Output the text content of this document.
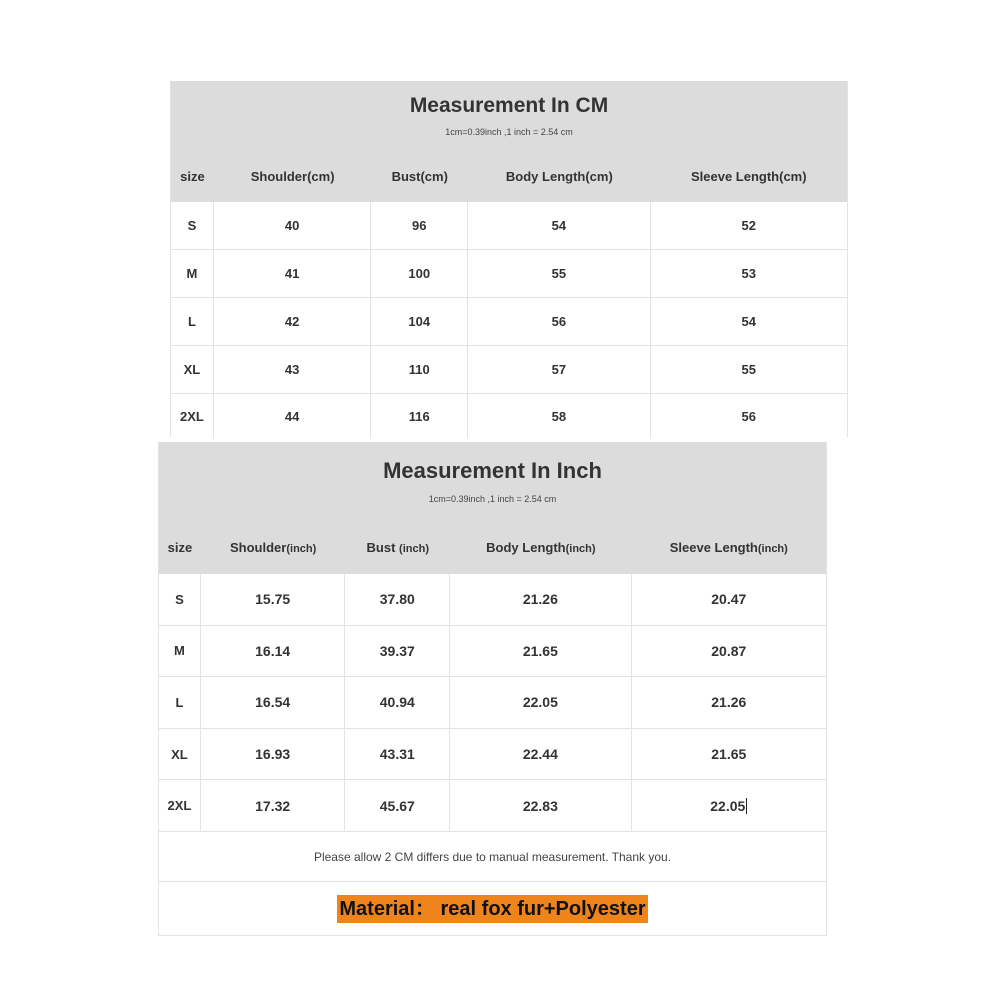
Measurement In CM
1cm=0.39inch ,1 inch = 2.54 cm
size	Shoulder(cm)	Bust(cm)	Body Length(cm)	Sleeve Length(cm)
S	40	96	54	52
M	41	100	55	53
L	42	104	56	54
XL	43	110	57	55
2XL	44	116	58	56
Measurement In Inch
1cm=0.39inch ,1 inch = 2.54 cm
size	Shoulder(inch)	Bust (inch)	Body Length(inch)	Sleeve Length(inch)
S	15.75	37.80	21.26	20.47
M	16.14	39.37	21.65	20.87
L	16.54	40.94	22.05	21.26
XL	16.93	43.31	22.44	21.65
2XL	17.32	45.67	22.83	22.05
Please allow 2 CM differs due to manual measurement. Thank you.
Material： real fox fur+Polyester
